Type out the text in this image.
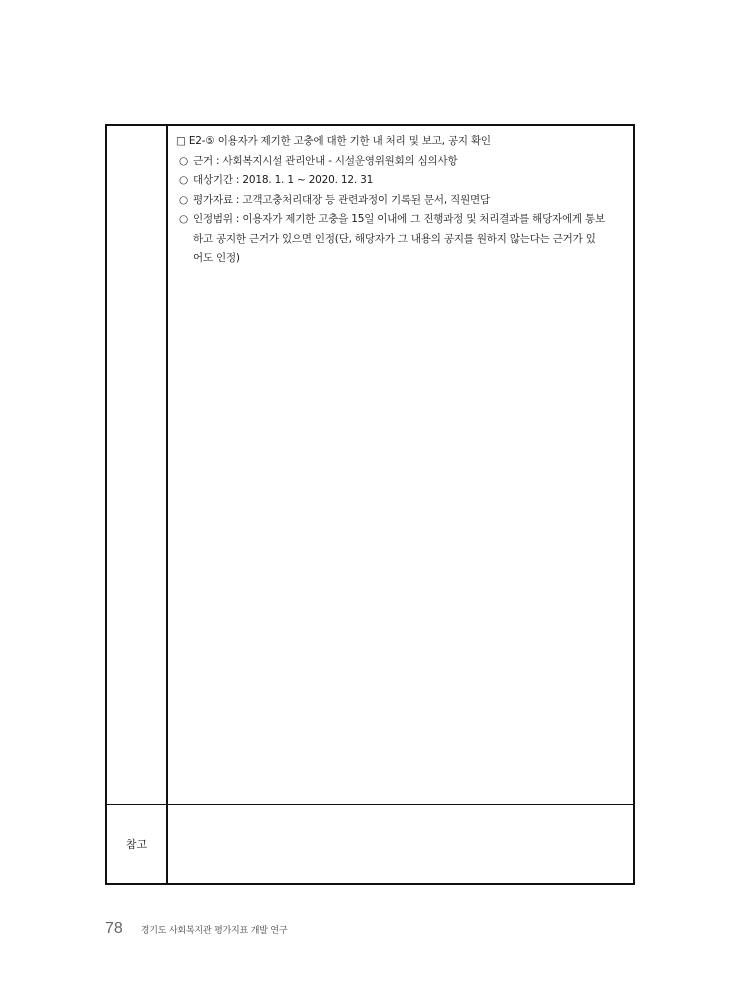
□ E2-⑤ 이용자가 제기한 고충에 대한 기한 내 처리 및 보고, 공지 확인
○ 근거 : 사회복지시설 관리안내 - 시설운영위원회의 심의사항
○ 대상기간 : 2018. 1. 1 ~ 2020. 12. 31
○ 평가자료 : 고객고충처리대장 등 관련과정이 기록된 문서, 직원면담
○ 인정범위 : 이용자가 제기한 고충을 15일 이내에 그 진행과정 및 처리결과를 해당자에게 통보
하고 공지한 근거가 있으면 인정(단, 해당자가 그 내용의 공지를 원하지 않는다는 근거가 있
어도 인정)
참고
78 경기도 사회복지관 평가지표 개발 연구
